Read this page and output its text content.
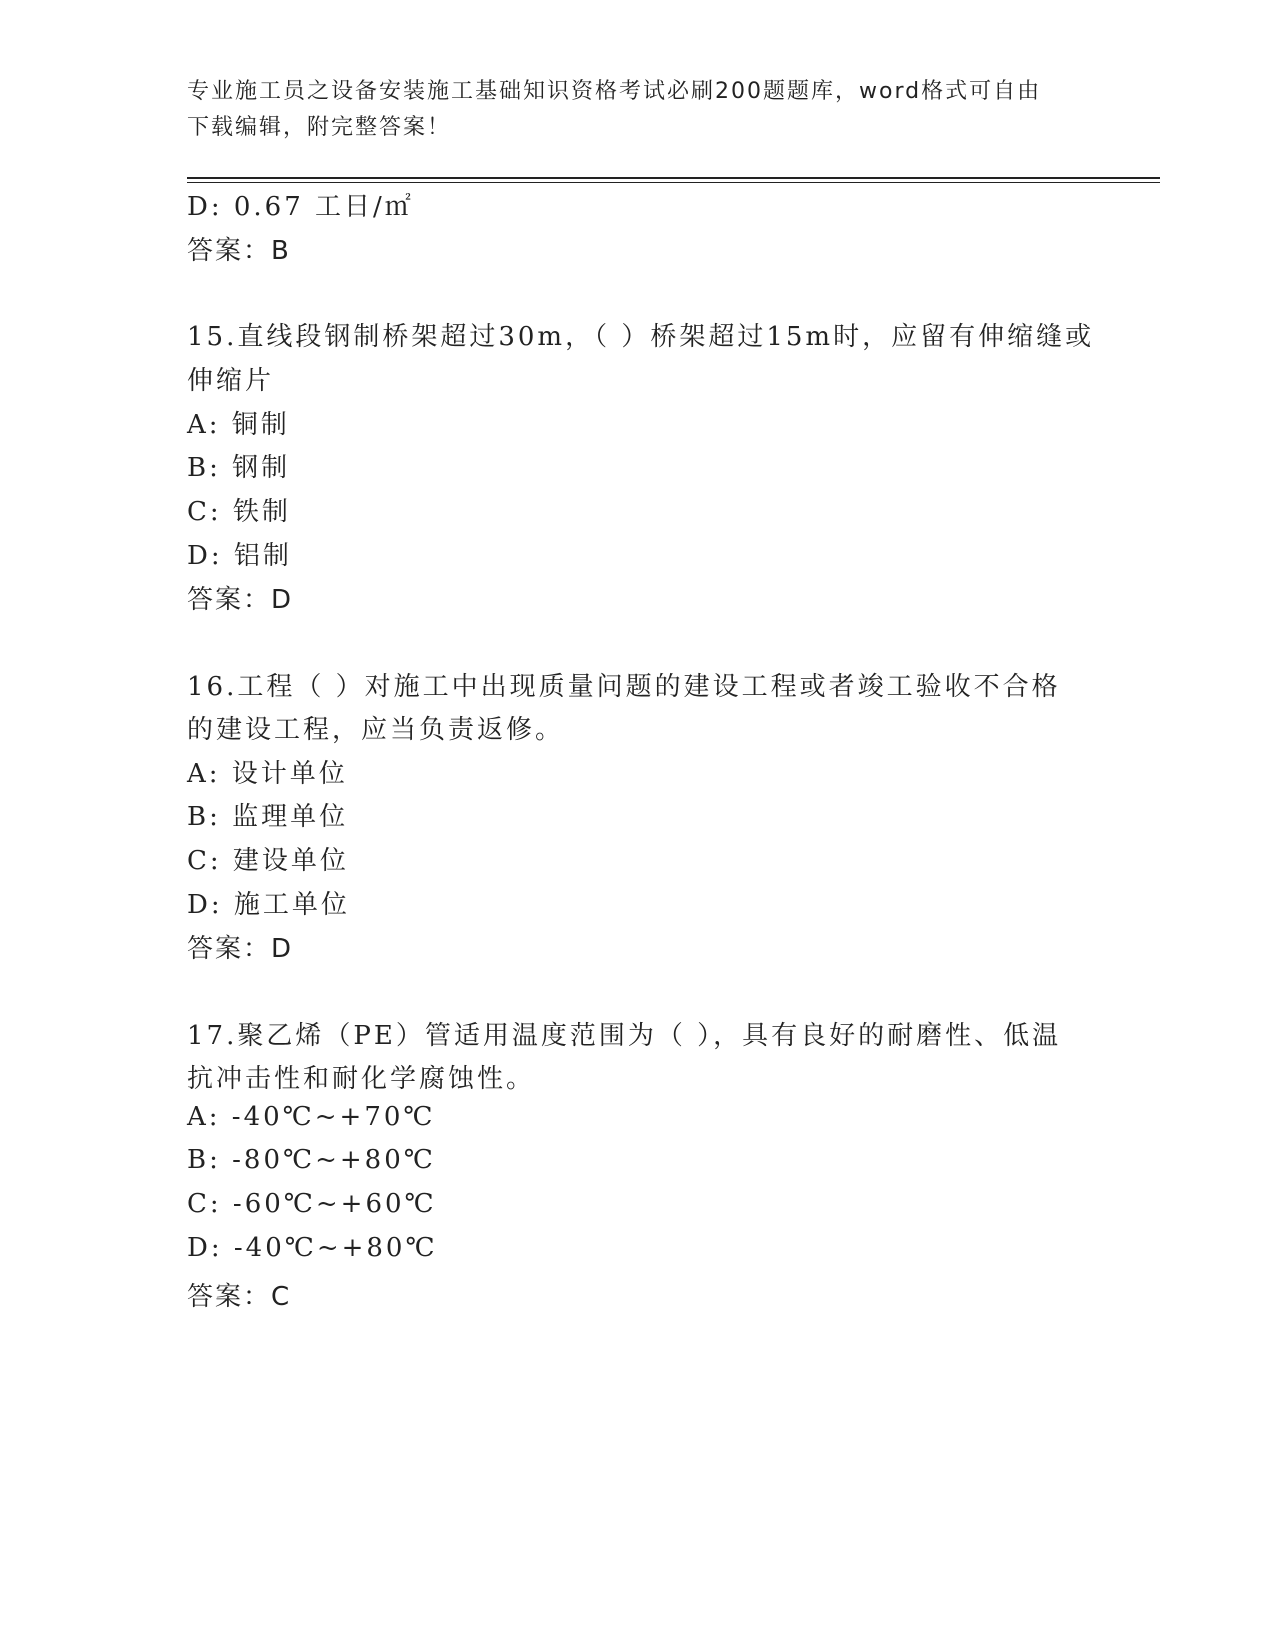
专业施工员之设备安装施工基础知识资格考试必刷200题题库，word格式可自由
下载编辑，附完整答案！
D: 0.67 工日/㎡
答案：B
15.直线段钢制桥架超过30m，（ ）桥架超过15m时，应留有伸缩缝或
伸缩片
A: 铜制
B: 钢制
C: 铁制
D: 铝制
答案：D
16.工程（ ）对施工中出现质量问题的建设工程或者竣工验收不合格
的建设工程，应当负责返修。
A: 设计单位
B: 监理单位
C: 建设单位
D: 施工单位
答案：D
17.聚乙烯（PE）管适用温度范围为（ ），具有良好的耐磨性、低温
抗冲击性和耐化学腐蚀性。
A: -40℃~+70℃
B: -80℃~+80℃
C: -60℃~+60℃
D: -40℃~+80℃
答案：C
